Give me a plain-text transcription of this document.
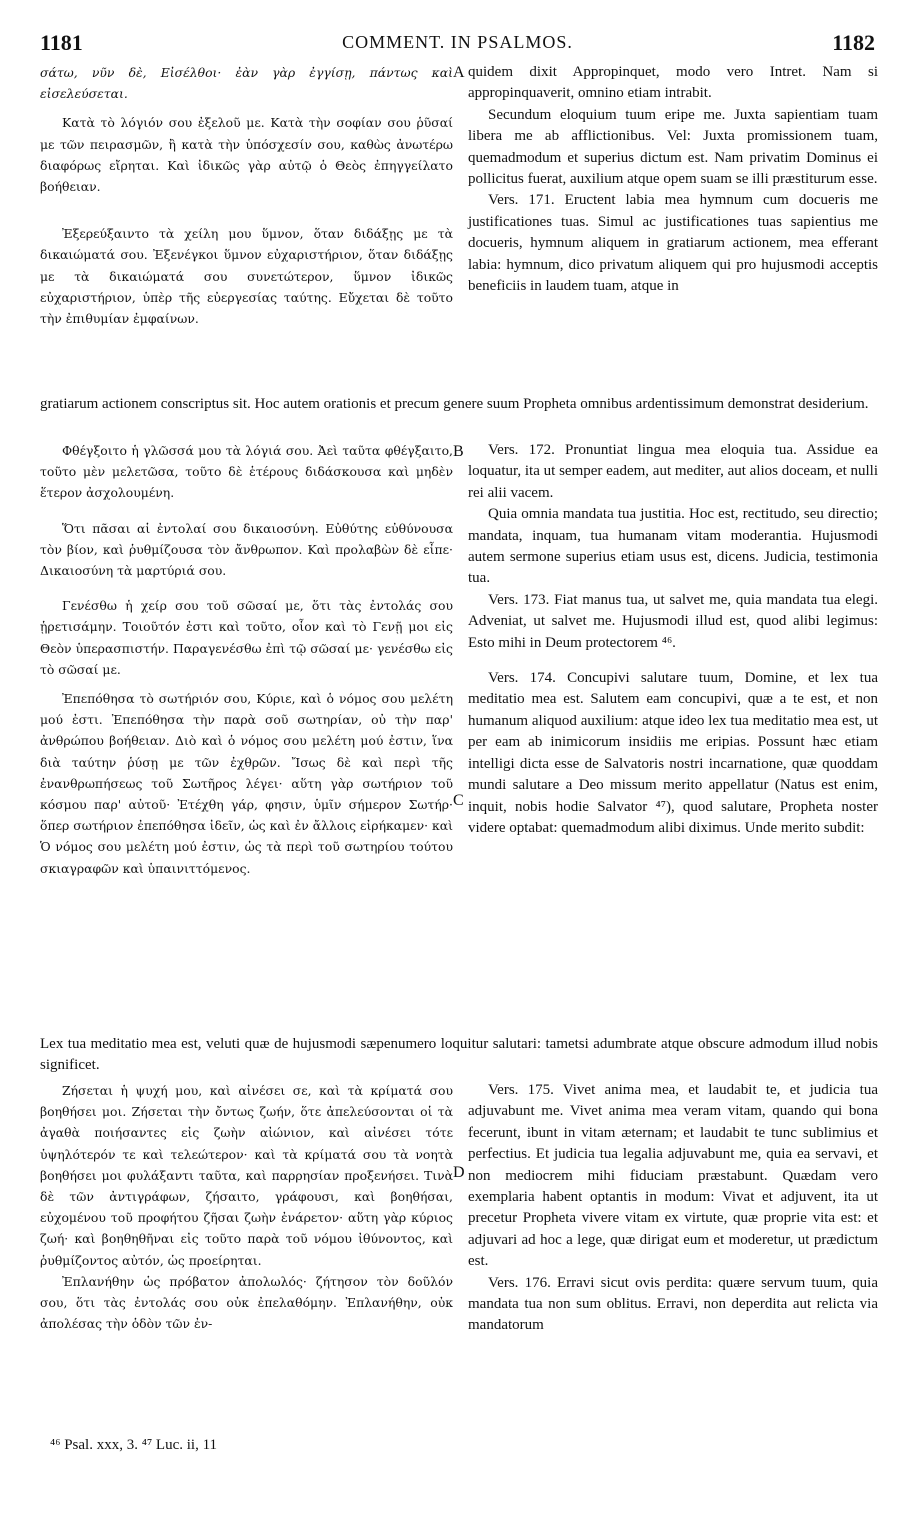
1181	COMMENT. IN PSALMOS.	1182

σάτω, νῦν δὲ, Εἰσέλθοι· ἐὰν γὰρ ἐγγίσῃ, πάντως καὶ εἰσελεύσεται.

Κατὰ τὸ λόγιόν σου ἐξελοῦ με. Κατὰ τὴν σοφίαν σου ῥῦσαί με τῶν πειρασμῶν, ἢ κατὰ τὴν ὑπόσχεσίν σου, καθὼς ἀνωτέρω διαφόρως εἴρηται. Καὶ ἰδικῶς γὰρ αὐτῷ ὁ Θεὸς ἐπηγγείλατο βοήθειαν.

Ἐξερεύξαιντο τὰ χείλη μου ὕμνον, ὅταν διδάξῃς με τὰ δικαιώματά σου. Ἐξενέγκοι ὕμνον εὐχαριστήριον, ὅταν διδάξῃς με τὰ δικαιώματά σου συνετώτερον, ὕμνον ἰδικῶς εὐχαριστήριον, ὑπὲρ τῆς εὐεργεσίας ταύτης. Εὔχεται δὲ τοῦτο τὴν ἐπιθυμίαν ἐμφαίνων.

quidem dixit Appropinquet, modo vero Intret. Nam si appropinquaverit, omnino etiam intrabit.

Secundum eloquium tuum eripe me. Juxta sapientiam tuam libera me ab afflictionibus. Vel: Juxta promissionem tuam, quemadmodum et superius dictum est. Nam privatim Dominus ei pollicitus fuerat, auxilium atque opem suam se illi præstiturum esse.

Vers. 171. Eructent labia mea hymnum cum docueris me justificationes tuas. Simul ac justificationes tuas sapientius me docueris, hymnum aliquem in gratiarum actionem, mea efferant labia: hymnum, dico privatum aliquem qui pro hujusmodi acceptis beneficiis in laudem tuam, atque in

gratiarum actionem conscriptus sit. Hoc autem orationis et precum genere suum Propheta omnibus ardentissimum demonstrat desiderium.

Φθέγξοιτο ἡ γλῶσσά μου τὰ λόγιά σου. Ἀεὶ ταῦτα φθέγξαιτο, τοῦτο μὲν μελετῶσα, τοῦτο δὲ ἑτέρους διδάσκουσα καὶ μηδὲν ἕτερον ἀσχολουμένη.

Ὅτι πᾶσαι αἱ ἐντολαί σου δικαιοσύνη. Εὐθύτης εὐθύνουσα τὸν βίον, καὶ ῥυθμίζουσα τὸν ἄνθρωπον. Καὶ προλαβὼν δὲ εἶπε· Δικαιοσύνη τὰ μαρτύριά σου.

Γενέσθω ἡ χείρ σου τοῦ σῶσαί με, ὅτι τὰς ἐντολάς σου ᾑρετισάμην. Τοιοῦτόν ἐστι καὶ τοῦτο, οἷον καὶ τὸ Γενῇ μοι εἰς Θεὸν ὑπερασπιστήν. Παραγενέσθω ἐπὶ τῷ σῶσαί με· γενέσθω εἰς τὸ σῶσαί με.

Ἐπεπόθησα τὸ σωτήριόν σου, Κύριε, καὶ ὁ νόμος σου μελέτη μού ἐστι. Ἐπεπόθησα τὴν παρὰ σοῦ σωτηρίαν, οὐ τὴν παρ' ἀνθρώπου βοήθειαν. Διὸ καὶ ὁ νόμος σου μελέτη μού ἐστιν, ἵνα διὰ ταύτην ῥύσῃ με τῶν ἐχθρῶν. Ἴσως δὲ καὶ περὶ τῆς ἐνανθρωπήσεως τοῦ Σωτῆρος λέγει· αὕτη γὰρ σωτήριον τοῦ κόσμου παρ' αὐτοῦ· Ἐτέχθη γάρ, φησιν, ὑμῖν σήμερον Σωτήρ· ὅπερ σωτήριον ἐπεπόθησα ἰδεῖν, ὡς καὶ ἐν ἄλλοις εἰρήκαμεν· καὶ Ὁ νόμος σου μελέτη μού ἐστιν, ὡς τὰ περὶ τοῦ σωτηρίου τούτου σκιαγραφῶν καὶ ὑπαινιττόμενος.

Vers. 172. Pronuntiat lingua mea eloquia tua. Assidue ea loquatur, ita ut semper eadem, aut mediter, aut alios doceam, et nulli rei alii vacem.

Quia omnia mandata tua justitia. Hoc est, rectitudo, seu directio; mandata, inquam, tua humanam vitam moderantia. Hujusmodi autem sermone superius etiam usus est, dicens. Judicia, testimonia tua.

Vers. 173. Fiat manus tua, ut salvet me, quia mandata tua elegi. Adveniat, ut salvet me. Hujusmodi illud est, quod alibi legimus: Esto mihi in Deum protectorem ⁴⁶.

Vers. 174. Concupivi salutare tuum, Domine, et lex tua meditatio mea est. Salutem eam concupivi, quæ a te est, et non humanum aliquod auxilium: atque ideo lex tua meditatio mea est, ut per eam ab inimicorum insidiis me eripias. Possunt hæc etiam intelligi dicta esse de Salvatoris nostri incarnatione, quæ quoddam mundi salutare a Deo missum merito appellatur (Natus est enim, inquit, nobis hodie Salvator ⁴⁷), quod salutare, Propheta noster videre optabat: quemadmodum alibi diximus. Unde merito subdit:

Lex tua meditatio mea est, veluti quæ de hujusmodi sæpenumero loquitur salutari: tametsi adumbrate atque obscure admodum illud nobis significet.

Ζήσεται ἡ ψυχή μου, καὶ αἰνέσει σε, καὶ τὰ κρίματά σου βοηθήσει μοι. Ζήσεται τὴν ὄντως ζωήν, ὅτε ἀπελεύσονται οἱ τὰ ἀγαθὰ ποιήσαντες εἰς ζωὴν αἰώνιον, καὶ αἰνέσει τότε ὑψηλότερόν τε καὶ τελεώτερον· καὶ τὰ κρίματά σου τὰ νοητὰ βοηθήσει μοι φυλάξαντι ταῦτα, καὶ παρρησίαν προξενήσει. Τινὰ δὲ τῶν ἀντιγράφων, ζήσαιτο, γράφουσι, καὶ βοηθήσαι, εὐχομένου τοῦ προφήτου ζῆσαι ζωὴν ἐνάρετον· αὕτη γὰρ κύριος ζωή· καὶ βοηθηθῆναι εἰς τοῦτο παρὰ τοῦ νόμου ἰθύνοντος, καὶ ῥυθμίζοντος αὐτόν, ὡς προείρηται.

Ἐπλανήθην ὡς πρόβατον ἀπολωλός· ζήτησον τὸν δοῦλόν σου, ὅτι τὰς ἐντολάς σου οὐκ ἐπελαθόμην. Ἐπλανήθην, οὐκ ἀπολέσας τὴν ὁδὸν τῶν ἐν-

Vers. 175. Vivet anima mea, et laudabit te, et judicia tua adjuvabunt me. Vivet anima mea veram vitam, quando qui bona fecerunt, ibunt in vitam æternam; et laudabit te tunc sublimius et perfectius. Et judicia tua legalia adjuvabunt me, quia ea servavi, et non mediocrem mihi fiduciam præstabunt. Quædam vero exemplaria habent optantis in modum: Vivat et adjuvent, ita ut precetur Propheta vivere vitam ex virtute, quæ proprie vita est: et adjuvari ad hoc a lege, quæ dirigat eum et moderetur, ut prædictum est.

Vers. 176. Erravi sicut ovis perdita: quære servum tuum, quia mandata tua non sum oblitus. Erravi, non deperdita aut relicta via mandatorum

A
B
C
D
⁴⁶ Psal. xxx, 3. ⁴⁷ Luc. ii, 11
